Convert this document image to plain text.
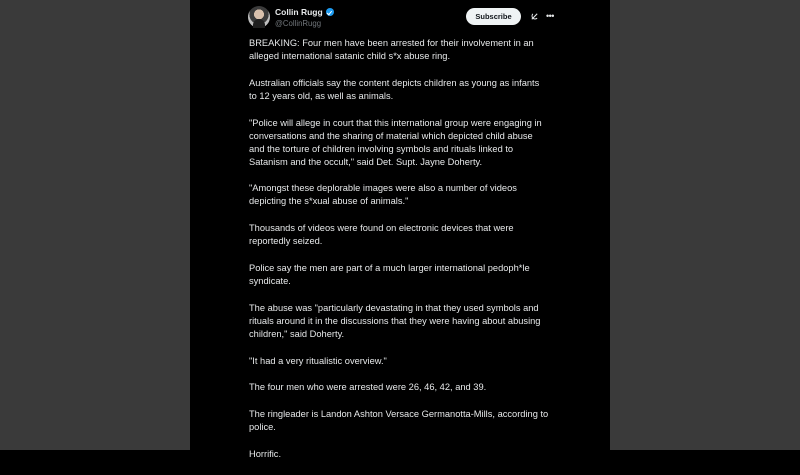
Collin Rugg
@CollinRugg
Subscribe	•••

BREAKING: Four men have been arrested for their involvement in an
alleged international satanic child s*x abuse ring.

Australian officials say the content depicts children as young as infants
to 12 years old, as well as animals.

"Police will allege in court that this international group were engaging in
conversations and the sharing of material which depicted child abuse
and the torture of children involving symbols and rituals linked to
Satanism and the occult," said Det. Supt. Jayne Doherty.

"Amongst these deplorable images were also a number of videos
depicting the s*xual abuse of animals."

Thousands of videos were found on electronic devices that were
reportedly seized.

Police say the men are part of a much larger international pedoph*le
syndicate.

The abuse was "particularly devastating in that they used symbols and
rituals around it in the discussions that they were having about abusing
children," said Doherty.

"It had a very ritualistic overview."

The four men who were arrested were 26, 46, 42, and 39.

The ringleader is Landon Ashton Versace Germanotta-Mills, according to
police.

Horrific.
